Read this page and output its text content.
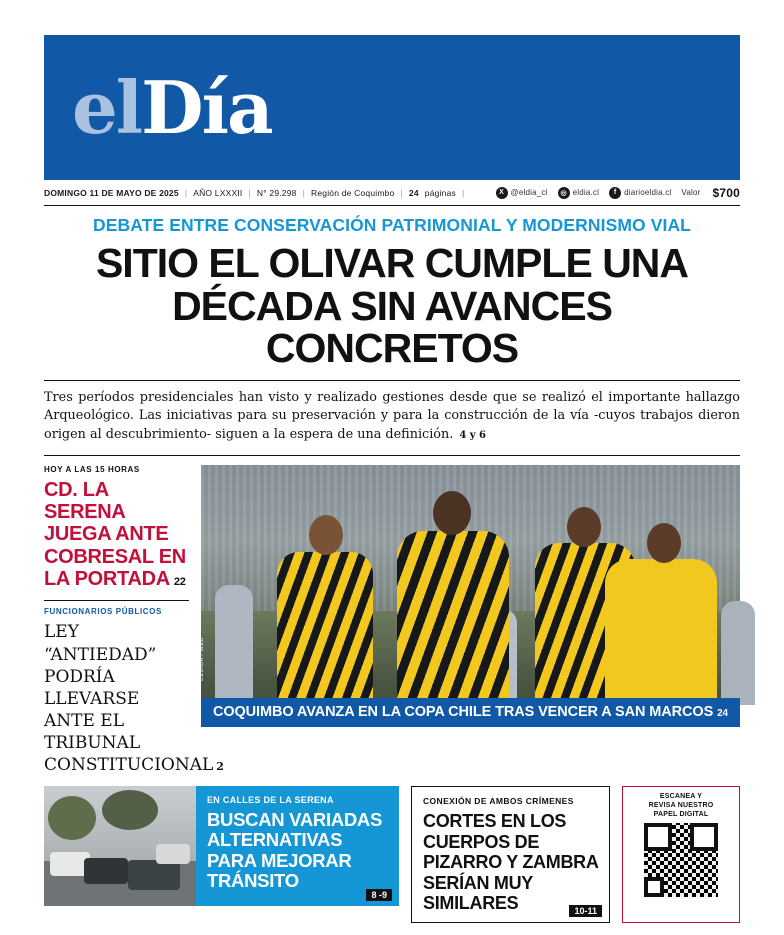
el Día
DOMINGO 11 DE MAYO DE 2025 | AÑO LXXXII | N° 29.298 | Región de Coquimbo | 24 páginas |	X @eldia_cl	◎ eldia.cl	f diarioeldia.cl Valor $700
DEBATE ENTRE CONSERVACIÓN PATRIMONIAL Y MODERNISMO VIAL
SITIO EL OLIVAR CUMPLE UNA
DÉCADA SIN AVANCES CONCRETOS
Tres períodos presidenciales han visto y realizado gestiones desde que se realizó el importante hallazgo Arqueológico. Las iniciativas para su preservación y para la construcción de la vía -cuyos trabajos dieron origen al descubrimiento- siguen a la espera de una definición. 4 y 6
HOY A LAS 15 HORAS
CD. LA SERENA JUEGA ANTE COBRESAL EN LA PORTADA 22
FUNCIONARIOS PÚBLICOS
LEY “ANTIEDAD” PODRÍA LLEVARSE ANTE EL TRIBUNAL CONSTITUCIONAL 2
CEDIDA / WEB
COQUIMBO AVANZA EN LA COPA CHILE TRAS VENCER A SAN MARCOS 24
EN CALLES DE LA SERENA
BUSCAN VARIADAS ALTERNATIVAS PARA MEJORAR TRÁNSITO
8 -9
CONEXIÓN DE AMBOS CRÍMENES
CORTES EN LOS CUERPOS DE PIZARRO Y ZAMBRA SERÍAN MUY SIMILARES	10-11
ESCANEA Y
REVISA NUESTRO
PAPEL DIGITAL
